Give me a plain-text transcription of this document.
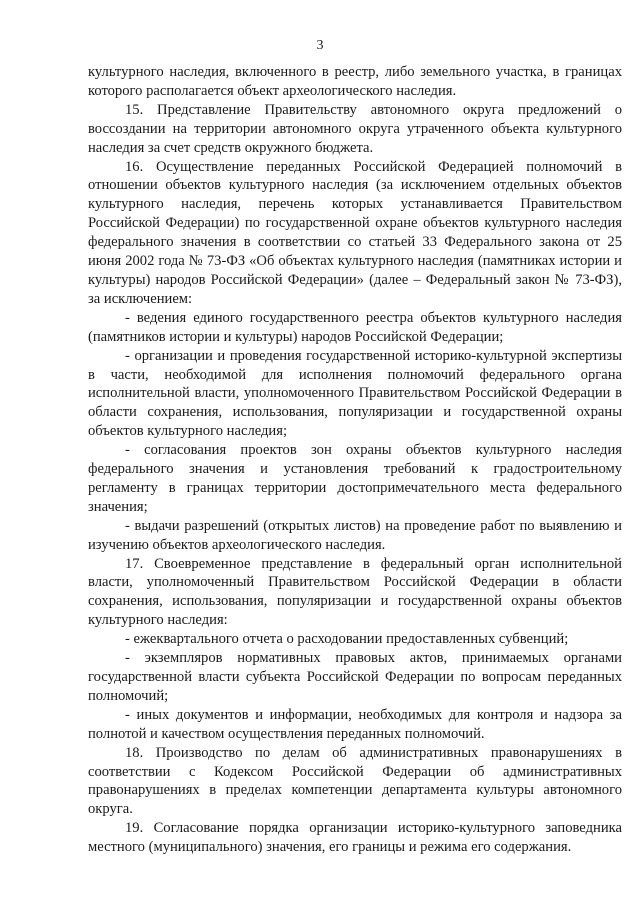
3

культурного наследия, включенного в реестр, либо земельного участка, в границах которого располагается объект археологического наследия.

15. Представление Правительству автономного округа предложений о воссоздании на территории автономного округа утраченного объекта культурного наследия за счет средств окружного бюджета.

16. Осуществление переданных Российской Федерацией полномочий в отношении объектов культурного наследия (за исключением отдельных объектов культурного наследия, перечень которых устанавливается Правительством Российской Федерации) по государственной охране объектов культурного наследия федерального значения в соответствии со статьей 33 Федерального закона от 25 июня 2002 года № 73-ФЗ «Об объектах культурного наследия (памятниках истории и культуры) народов Российской Федерации» (далее – Федеральный закон № 73-ФЗ), за исключением:

- ведения единого государственного реестра объектов культурного наследия (памятников истории и культуры) народов Российской Федерации;

- организации и проведения государственной историко-культурной экспертизы в части, необходимой для исполнения полномочий федерального органа исполнительной власти, уполномоченного Правительством Российской Федерации в области сохранения, использования, популяризации и государственной охраны объектов культурного наследия;

- согласования проектов зон охраны объектов культурного наследия федерального значения и установления требований к градостроительному регламенту в границах территории достопримечательного места федерального значения;

- выдачи разрешений (открытых листов) на проведение работ по выявлению и изучению объектов археологического наследия.

17. Своевременное представление в федеральный орган исполнительной власти, уполномоченный Правительством Российской Федерации в области сохранения, использования, популяризации и государственной охраны объектов культурного наследия:

- ежеквартального отчета о расходовании предоставленных субвенций;

- экземпляров нормативных правовых актов, принимаемых органами государственной власти субъекта Российской Федерации по вопросам переданных полномочий;

- иных документов и информации, необходимых для контроля и надзора за полнотой и качеством осуществления переданных полномочий.

18. Производство по делам об административных правонарушениях в соответствии с Кодексом Российской Федерации об административных правонарушениях в пределах компетенции департамента культуры автономного округа.

19. Согласование порядка организации историко-культурного заповедника местного (муниципального) значения, его границы и режима его содержания.
